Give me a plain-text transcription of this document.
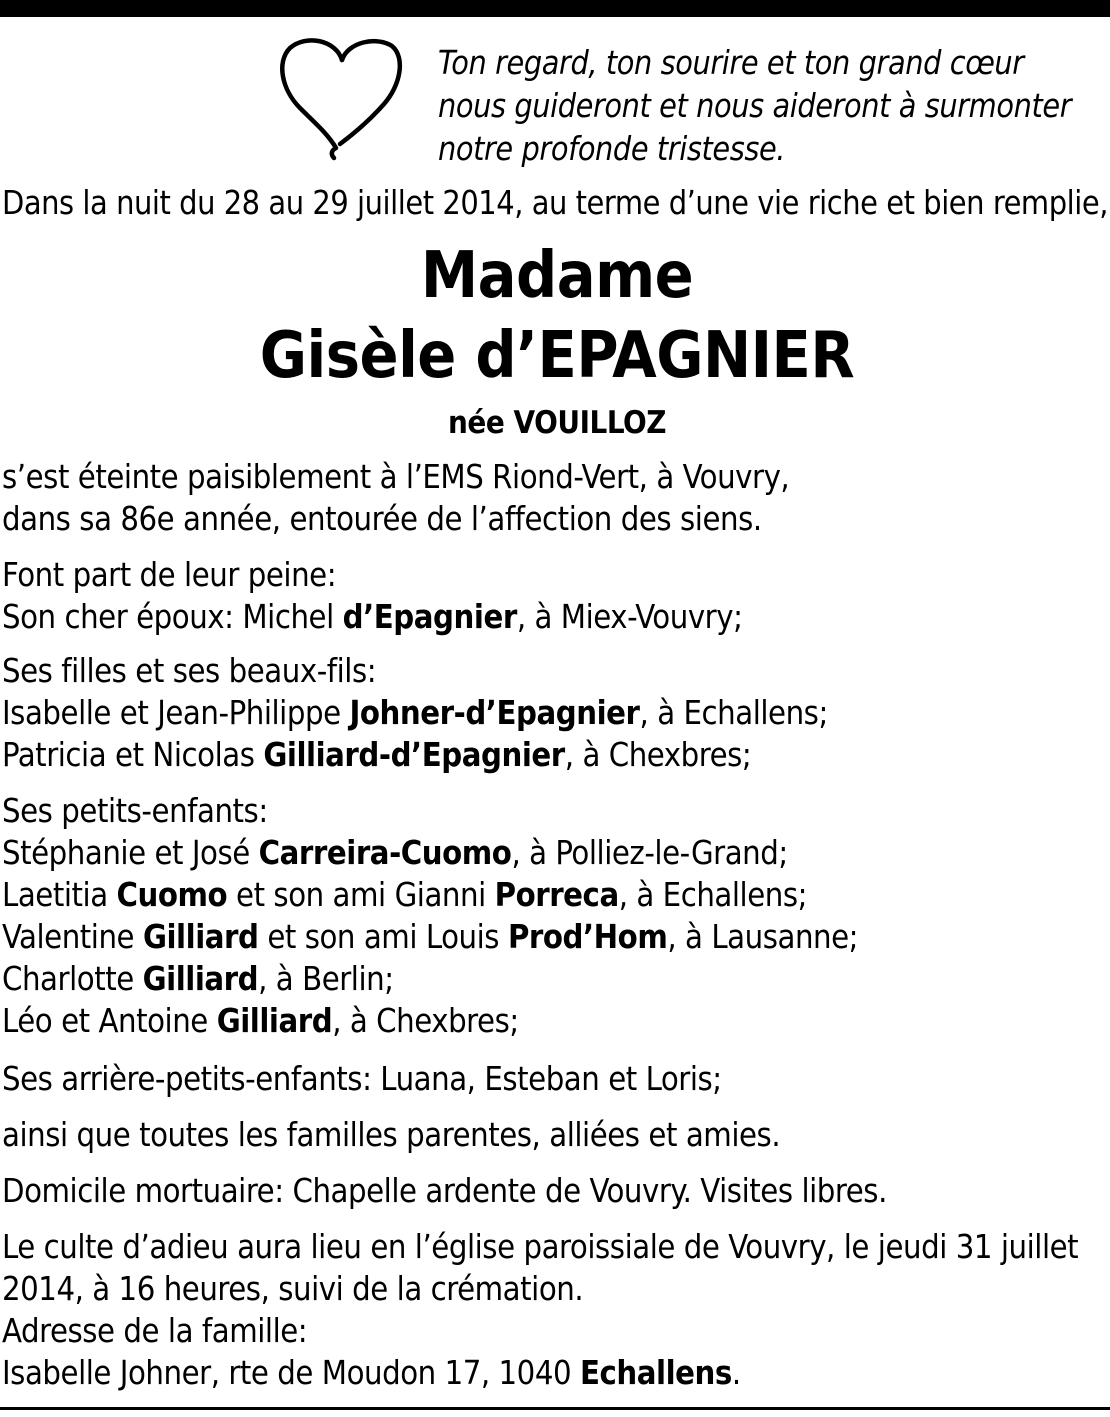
Ton regard, ton sourire et ton grand cœur
nous guideront et nous aideront à surmonter
notre profonde tristesse.
Dans la nuit du 28 au 29 juillet 2014, au terme d’une vie riche et bien remplie,
Madame
Gisèle d’EPAGNIER
née VOUILLOZ
s’est éteinte paisiblement à l’EMS Riond-Vert, à Vouvry,
dans sa 86e année, entourée de l’affection des siens.
Font part de leur peine:
Son cher époux: Michel d’Epagnier, à Miex-Vouvry;
Ses filles et ses beaux-fils:
Isabelle et Jean-Philippe Johner-d’Epagnier, à Echallens;
Patricia et Nicolas Gilliard-d’Epagnier, à Chexbres;
Ses petits-enfants:
Stéphanie et José Carreira-Cuomo, à Polliez-le-Grand;
Laetitia Cuomo et son ami Gianni Porreca, à Echallens;
Valentine Gilliard et son ami Louis Prod’Hom, à Lausanne;
Charlotte Gilliard, à Berlin;
Léo et Antoine Gilliard, à Chexbres;
Ses arrière-petits-enfants: Luana, Esteban et Loris;
ainsi que toutes les familles parentes, alliées et amies.
Domicile mortuaire: Chapelle ardente de Vouvry. Visites libres.
Le culte d’adieu aura lieu en l’église paroissiale de Vouvry, le jeudi 31 juillet
2014, à 16 heures, suivi de la crémation.
Adresse de la famille:
Isabelle Johner, rte de Moudon 17, 1040 Echallens.
